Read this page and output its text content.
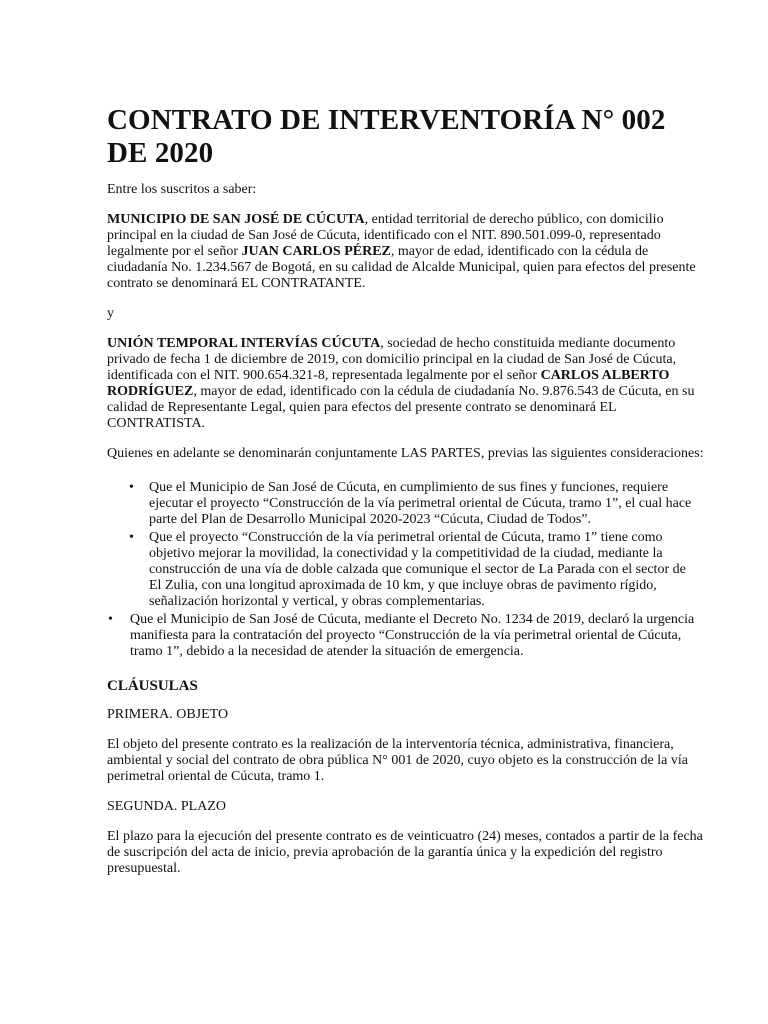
CONTRATO DE INTERVENTORÍA N° 002 DE 2020

Entre los suscritos a saber:

MUNICIPIO DE SAN JOSÉ DE CÚCUTA, entidad territorial de derecho público, con domicilio principal en la ciudad de San José de Cúcuta, identificado con el NIT. 890.501.099-0, representado legalmente por el señor JUAN CARLOS PÉREZ, mayor de edad, identificado con la cédula de ciudadanía No. 1.234.567 de Bogotá, en su calidad de Alcalde Municipal, quien para efectos del presente contrato se denominará EL CONTRATANTE.

y

UNIÓN TEMPORAL INTERVÍAS CÚCUTA, sociedad de hecho constituida mediante documento privado de fecha 1 de diciembre de 2019, con domicilio principal en la ciudad de San José de Cúcuta, identificada con el NIT. 900.654.321-8, representada legalmente por el señor CARLOS ALBERTO RODRÍGUEZ, mayor de edad, identificado con la cédula de ciudadanía No. 9.876.543 de Cúcuta, en su calidad de Representante Legal, quien para efectos del presente contrato se denominará EL CONTRATISTA.

Quienes en adelante se denominarán conjuntamente LAS PARTES, previas las siguientes consideraciones:

• Que el Municipio de San José de Cúcuta, en cumplimiento de sus fines y funciones, requiere ejecutar el proyecto “Construcción de la vía perimetral oriental de Cúcuta, tramo 1”, el cual hace parte del Plan de Desarrollo Municipal 2020-2023 “Cúcuta, Ciudad de Todos”.
• Que el proyecto “Construcción de la vía perimetral oriental de Cúcuta, tramo 1” tiene como objetivo mejorar la movilidad, la conectividad y la competitividad de la ciudad, mediante la construcción de una vía de doble calzada que comunique el sector de La Parada con el sector de El Zulia, con una longitud aproximada de 10 km, y que incluye obras de pavimento rígido, señalización horizontal y vertical, y obras complementarias.
• Que el Municipio de San José de Cúcuta, mediante el Decreto No. 1234 de 2019, declaró la urgencia manifiesta para la contratación del proyecto “Construcción de la vía perimetral oriental de Cúcuta, tramo 1”, debido a la necesidad de atender la situación de emergencia.
CLÁUSULAS
PRIMERA. OBJETO

El objeto del presente contrato es la realización de la interventoría técnica, administrativa, financiera, ambiental y social del contrato de obra pública N° 001 de 2020, cuyo objeto es la construcción de la vía perimetral oriental de Cúcuta, tramo 1.

SEGUNDA. PLAZO

El plazo para la ejecución del presente contrato es de veinticuatro (24) meses, contados a partir de la fecha de suscripción del acta de inicio, previa aprobación de la garantía única y la expedición del registro presupuestal.
